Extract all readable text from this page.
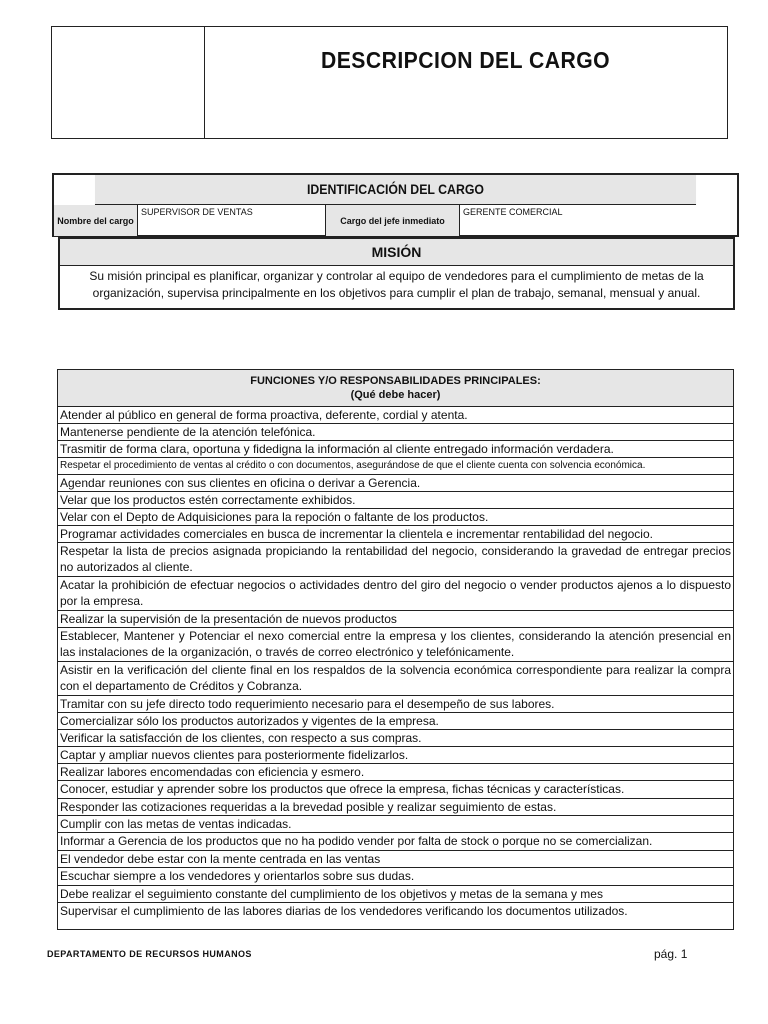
DESCRIPCION DEL CARGO
IDENTIFICACIÓN DEL CARGO
Nombre del cargo
SUPERVISOR DE VENTAS
Cargo del jefe inmediato
GERENTE COMERCIAL
MISIÓN
Su misión principal es planificar, organizar y controlar al equipo de vendedores para el cumplimiento de metas de la organización, supervisa principalmente en los objetivos para cumplir el plan de trabajo, semanal, mensual y anual.
FUNCIONES Y/O RESPONSABILIDADES PRINCIPALES:
(Qué debe hacer)
Atender al público en general de forma proactiva, deferente, cordial y atenta.
Mantenerse pendiente de la atención telefónica.
Trasmitir de forma clara, oportuna y fidedigna la información al cliente entregado información verdadera.
Respetar el procedimiento de ventas al crédito o con documentos, asegurándose de que el cliente cuenta con solvencia económica.
Agendar reuniones con sus clientes en oficina o derivar a Gerencia.
Velar que los productos estén correctamente exhibidos.
Velar con el Depto de Adquisiciones para la repoción o faltante de los productos.
Programar actividades comerciales en busca de incrementar la clientela e incrementar rentabilidad del negocio.
Respetar la lista de precios asignada propiciando la rentabilidad del negocio, considerando la gravedad de entregar precios no autorizados al cliente.
Acatar la prohibición de efectuar negocios o actividades dentro del giro del negocio o vender productos ajenos a lo dispuesto por la empresa.
Realizar la supervisión de la presentación de nuevos productos
Establecer, Mantener y Potenciar el nexo comercial entre la empresa y los clientes, considerando la atención presencial en las instalaciones de la organización, o través de correo electrónico y telefónicamente.
Asistir en la verificación del cliente final en los respaldos de la solvencia económica correspondiente para realizar la compra con el departamento de Créditos y Cobranza.
Tramitar con su jefe directo todo requerimiento necesario para el desempeño de sus labores.
Comercializar sólo los productos autorizados y vigentes de la empresa.
Verificar la satisfacción de los clientes, con respecto a sus compras.
Captar y ampliar nuevos clientes para posteriormente fidelizarlos.
Realizar labores encomendadas con eficiencia y esmero.
Conocer, estudiar y aprender sobre los productos que ofrece la empresa, fichas técnicas y características.
Responder las cotizaciones requeridas a la brevedad posible y realizar seguimiento de estas.
Cumplir con las metas de ventas indicadas.
Informar a Gerencia de los productos que no ha podido vender por falta de stock o porque no se comercializan.
El vendedor debe estar con la mente centrada en las ventas
Escuchar siempre a los vendedores y orientarlos sobre sus dudas.
Debe realizar el seguimiento constante del cumplimiento de los objetivos y metas de la semana y mes
Supervisar el cumplimiento de las labores diarias de los vendedores verificando los documentos utilizados.
DEPARTAMENTO DE RECURSOS HUMANOS	pág. 1
